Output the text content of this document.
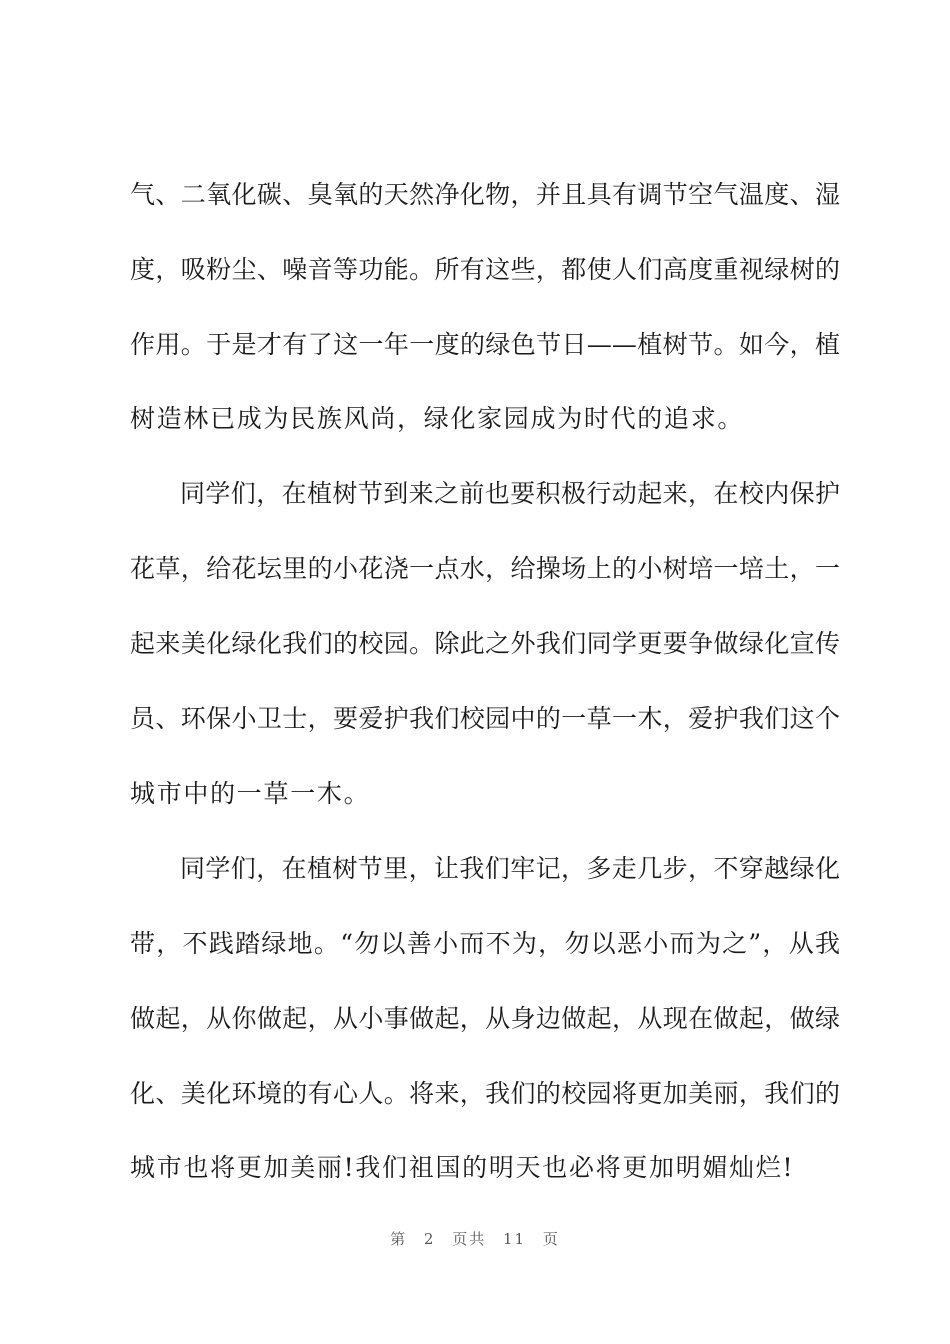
气、二氧化碳、臭氧的天然净化物，并且具有调节空气温度、湿
度，吸粉尘、噪音等功能。所有这些，都使人们高度重视绿树的
作用。于是才有了这一年一度的绿色节日——植树节。如今，植
树造林已成为民族风尚，绿化家园成为时代的追求。
同学们，在植树节到来之前也要积极行动起来，在校内保护
花草，给花坛里的小花浇一点水，给操场上的小树培一培土，一
起来美化绿化我们的校园。除此之外我们同学更要争做绿化宣传
员、环保小卫士，要爱护我们校园中的一草一木，爱护我们这个
城市中的一草一木。
同学们，在植树节里，让我们牢记，多走几步，不穿越绿化
带，不践踏绿地。“勿以善小而不为，勿以恶小而为之”，从我
做起，从你做起，从小事做起，从身边做起，从现在做起，做绿
化、美化环境的有心人。将来，我们的校园将更加美丽，我们的
城市也将更加美丽!我们祖国的明天也必将更加明媚灿烂!
第 2 页共 11 页
